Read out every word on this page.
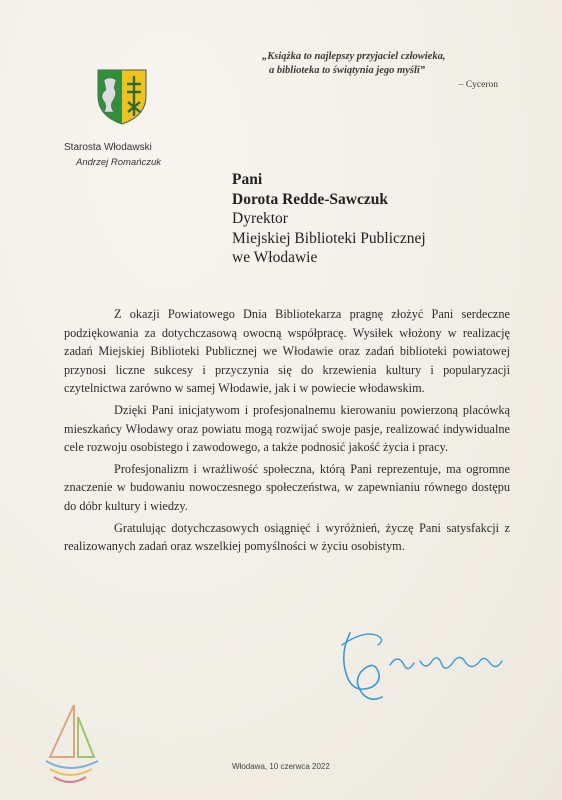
„Książka to najlepszy przyjaciel człowieka,
a biblioteka to świątynia jego myśli”
– Cyceron
Starosta Włodawski
Andrzej Romańczuk
Pani
Dorota Redde-Sawczuk
Dyrektor
Miejskiej Biblioteki Publicznej
we Włodawie

Z okazji Powiatowego Dnia Bibliotekarza pragnę złożyć Pani serdeczne podziękowania za dotychczasową owocną współpracę. Wysiłek włożony w realizację zadań Miejskiej Biblioteki Publicznej we Włodawie oraz zadań biblioteki powiatowej przynosi liczne sukcesy i przyczynia się do krzewienia kultury i popularyzacji czytelnictwa zarówno w samej Włodawie, jak i w powiecie włodawskim.

Dzięki Pani inicjatywom i profesjonalnemu kierowaniu powierzoną placówką mieszkańcy Włodawy oraz powiatu mogą rozwijać swoje pasje, realizować indywidualne cele rozwoju osobistego i zawodowego, a także podnosić jakość życia i pracy.

Profesjonalizm i wrażliwość społeczna, którą Pani reprezentuje, ma ogromne znaczenie w budowaniu nowoczesnego społeczeństwa, w zapewnianiu równego dostępu do dóbr kultury i wiedzy.

Gratulując dotychczasowych osiągnięć i wyróżnień, życzę Pani satysfakcji z realizowanych zadań oraz wszelkiej pomyślności w życiu osobistym.

Włodawa, 10 czerwca 2022
